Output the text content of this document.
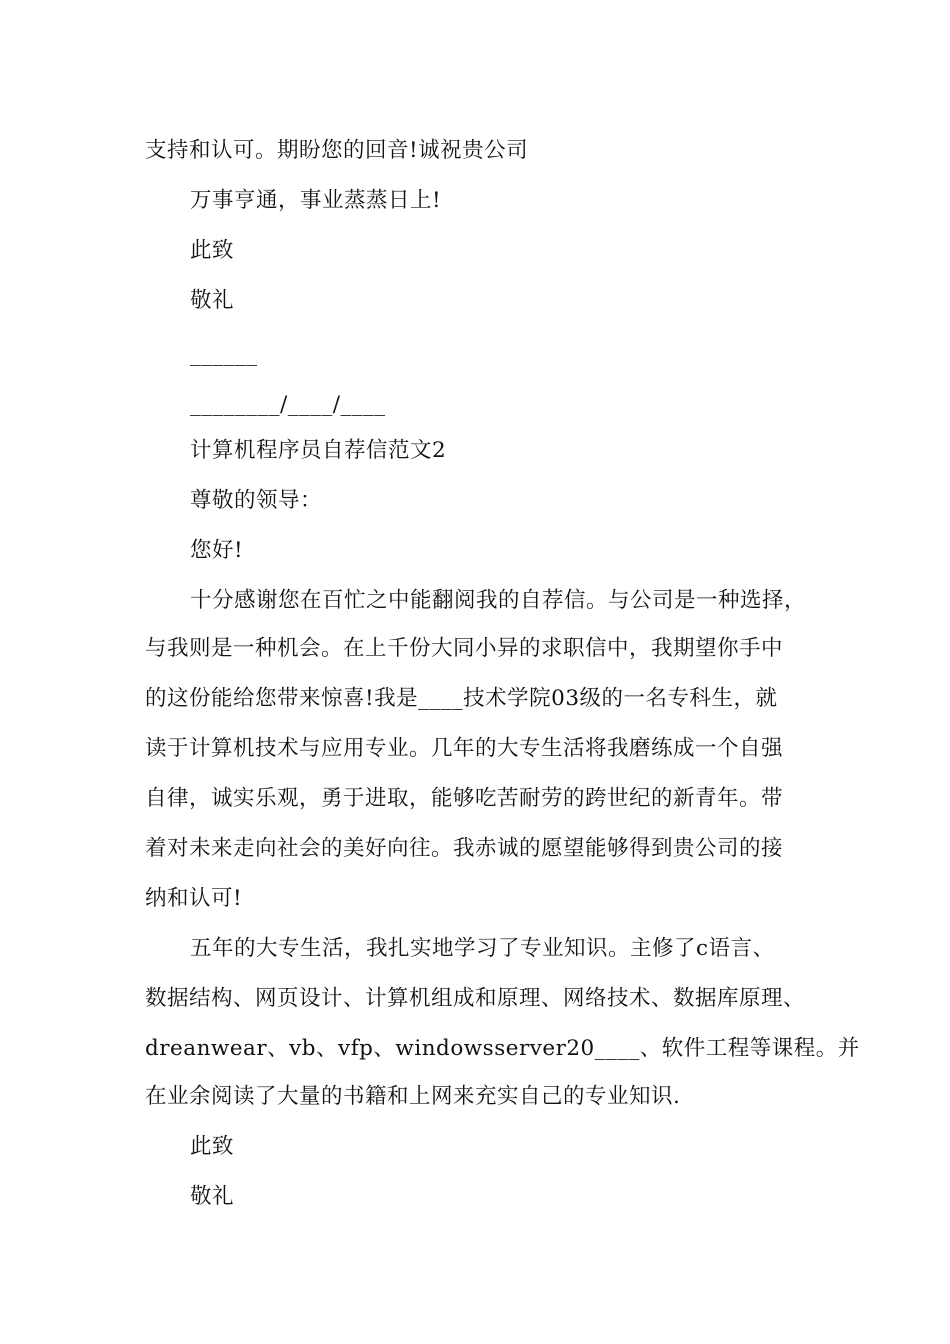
支持和认可。期盼您的回音!诚祝贵公司
万事亨通，事业蒸蒸日上!
此致
敬礼
______
________/____/____
计算机程序员自荐信范文2
尊敬的领导：
您好!
十分感谢您在百忙之中能翻阅我的自荐信。与公司是一种选择，
与我则是一种机会。在上千份大同小异的求职信中，我期望你手中
的这份能给您带来惊喜!我是____技术学院03级的一名专科生，就
读于计算机技术与应用专业。几年的大专生活将我磨练成一个自强
自律，诚实乐观，勇于进取，能够吃苦耐劳的跨世纪的新青年。带
着对未来走向社会的美好向往。我赤诚的愿望能够得到贵公司的接
纳和认可!
五年的大专生活，我扎实地学习了专业知识。主修了c语言、
数据结构、网页设计、计算机组成和原理、网络技术、数据库原理、
dreanwear、vb、vfp、windowsserver20____、软件工程等课程。并
在业余阅读了大量的书籍和上网来充实自己的专业知识.
此致
敬礼
